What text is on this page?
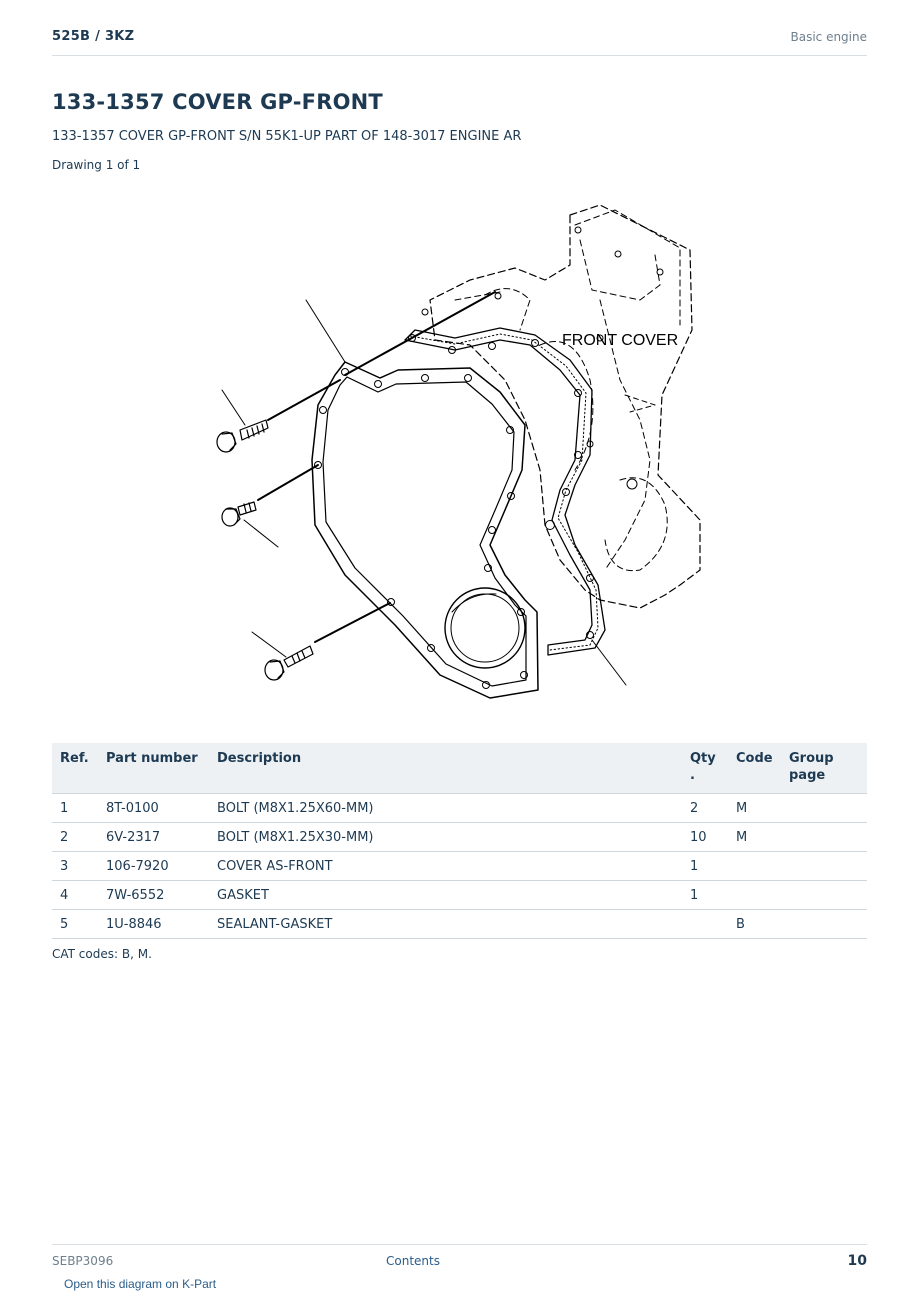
525B / 3KZ	Basic engine
133-1357 COVER GP-FRONT
133-1357 COVER GP-FRONT S/N 55K1-UP PART OF 148-3017 ENGINE AR
Drawing 1 of 1
FRONT COVER
Ref.	Part number	Description	Qty .	Code	Group page
1	8T-0100	BOLT (M8X1.25X60-MM)	2	M	
2	6V-2317	BOLT (M8X1.25X30-MM)	10	M	
3	106-7920	COVER AS-FRONT	1		
4	7W-6552	GASKET	1		
5	1U-8846	SEALANT-GASKET		B	
CAT codes: B, M.
SEBP3096	Contents	10
Open this diagram on K-Part
